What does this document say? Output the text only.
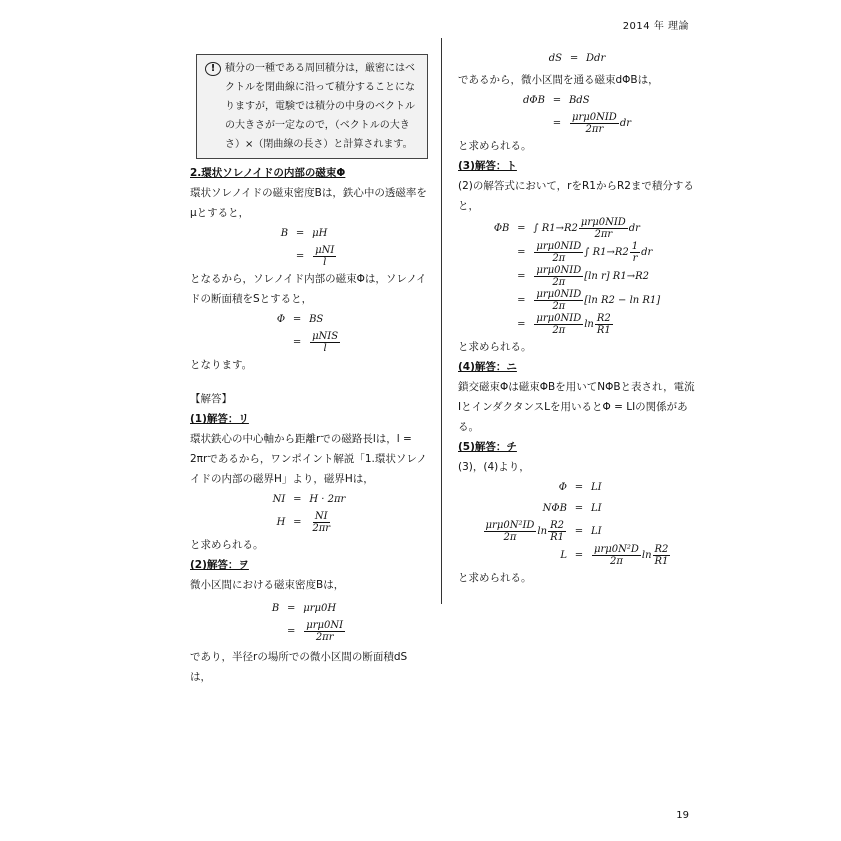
2014 年 理論
! 積分の一種である周回積分は，厳密にはベクトルを閉曲線に沿って積分することになりますが，電験では積分の中身のベクトルの大きさが一定なので，（ベクトルの大きさ）×（閉曲線の長さ）と計算されます。

2.環状ソレノイドの内部の磁束Φ

環状ソレノイドの磁束密度Bは，鉄心中の透磁率をμとすると，

B = μH
= $\frac{\text{μNI}}{l}$

となるから，ソレノイド内部の磁束Φは，ソレノイドの断面積をSとすると，

Φ = BS
= $\frac{\text{μNIS}}{l}$

となります。

【解答】

(1)解答：リ

環状鉄心の中心軸から距離rでの磁路長lは，l = 2πrであるから，ワンポイント解説「1.環状ソレノイドの内部の磁界H」より，磁界Hは，

NI = H · 2πr
$H = \frac{NI}{2\pi r}$

と求められる。

(2)解答：ヲ

微小区間における磁束密度Bは，

B = μrμ0H
= $\frac{\text{μrμ0NI}}{2\pi r}$

であり，半径rの場所での微小区間の断面積dSは，

dS = Ddr

であるから，微小区間を通る磁束dΦBは，

dΦB = BdS
= $\frac{\text{μrμ0NID}}{2\pi r}$ dr

と求められる。

(3)解答：ト

(2)の解答式において，rをR1からR2まで積分すると，

ΦB = ∫ $R1\to R2 \frac{\text{μrμ0NID}}{2\pi r}$ dr
= $\frac{\text{μrμ0NID}}{2\pi}$ ∫ $R1\to R2 \frac{1}{r}$ dr
= $\frac{\text{μrμ0NID}}{2\pi} [\ln$ r] R1→R2
= $\frac{\text{μrμ0NID}}{2\pi} [\ln$ R2 − ln R1]
= $\frac{\text{μrμ0NID}}{2\pi}$ $\ln \frac{R2}{R1}$

と求められる。

(4)解答：ニ

鎖交磁束Φは磁束ΦBを用いてNΦBと表され，電流IとインダクタンスLを用いるとΦ = LIの関係がある。

(5)解答：チ

(3)，(4)より，

Φ = LI
NΦB = LI
$\frac{\text{μrμ0N²ID}}{2\pi}$ $\ln \frac{R2}{R1}$ = LI
$L = \frac{\text{μrμ0N²D}}{2\pi}$ $\ln \frac{R2}{R1}$

と求められる。

19
